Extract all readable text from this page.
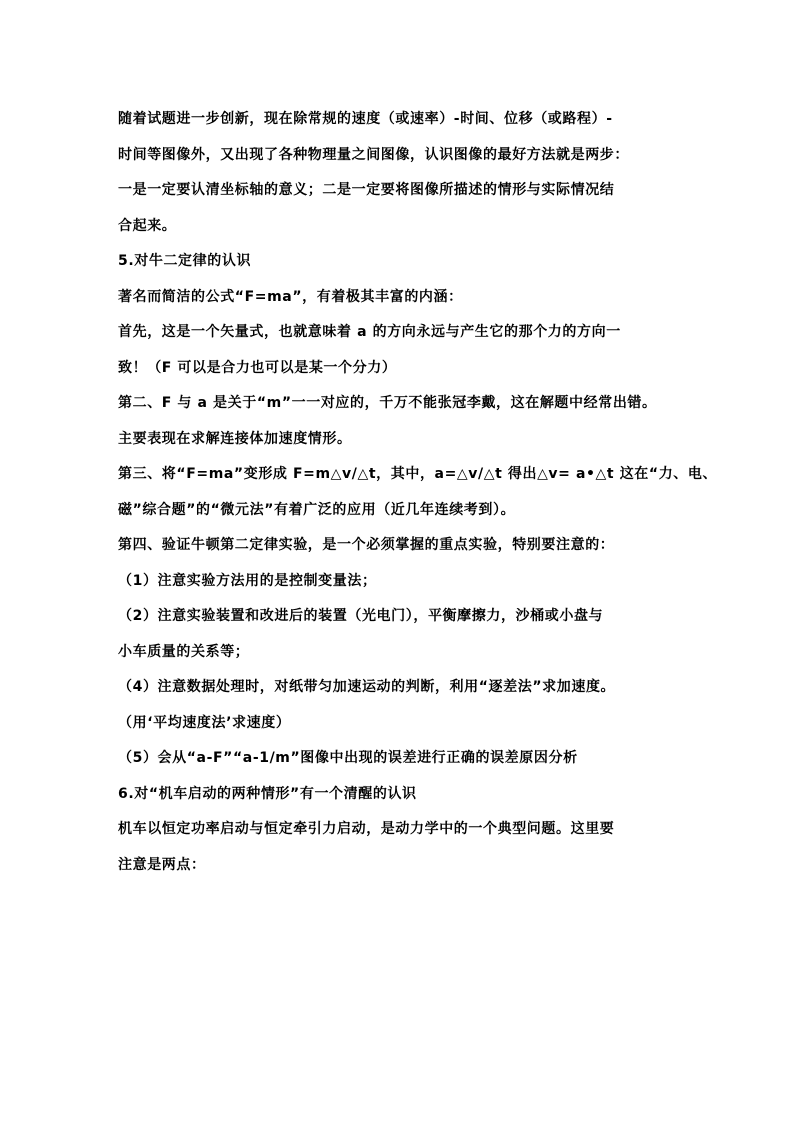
随着试题进一步创新，现在除常规的速度（或速率）-时间、位移（或路程）-
时间等图像外，又出现了各种物理量之间图像，认识图像的最好方法就是两步：
一是一定要认清坐标轴的意义；二是一定要将图像所描述的情形与实际情况结
合起来。
5.对牛二定律的认识
著名而简洁的公式“F=ma”，有着极其丰富的内涵：
首先，这是一个矢量式，也就意味着 a 的方向永远与产生它的那个力的方向一
致！（F 可以是合力也可以是某一个分力）
第二、F 与 a 是关于“m”一一对应的，千万不能张冠李戴，这在解题中经常出错。
主要表现在求解连接体加速度情形。
第三、将“F=ma”变形成 F=m△v/△t，其中，a=△v/△t 得出△v= a•△t 这在“力、电、
磁”综合题”的“微元法”有着广泛的应用（近几年连续考到）。
第四、验证牛顿第二定律实验，是一个必须掌握的重点实验，特别要注意的：
（1）注意实验方法用的是控制变量法；
（2）注意实验装置和改进后的装置（光电门），平衡摩擦力，沙桶或小盘与
小车质量的关系等；
（4）注意数据处理时，对纸带匀加速运动的判断，利用“逐差法”求加速度。
（用‘平均速度法’求速度）
（5）会从“a-F”“a-1/m”图像中出现的误差进行正确的误差原因分析
6.对“机车启动的两种情形”有一个清醒的认识
机车以恒定功率启动与恒定牵引力启动，是动力学中的一个典型问题。这里要
注意是两点：
